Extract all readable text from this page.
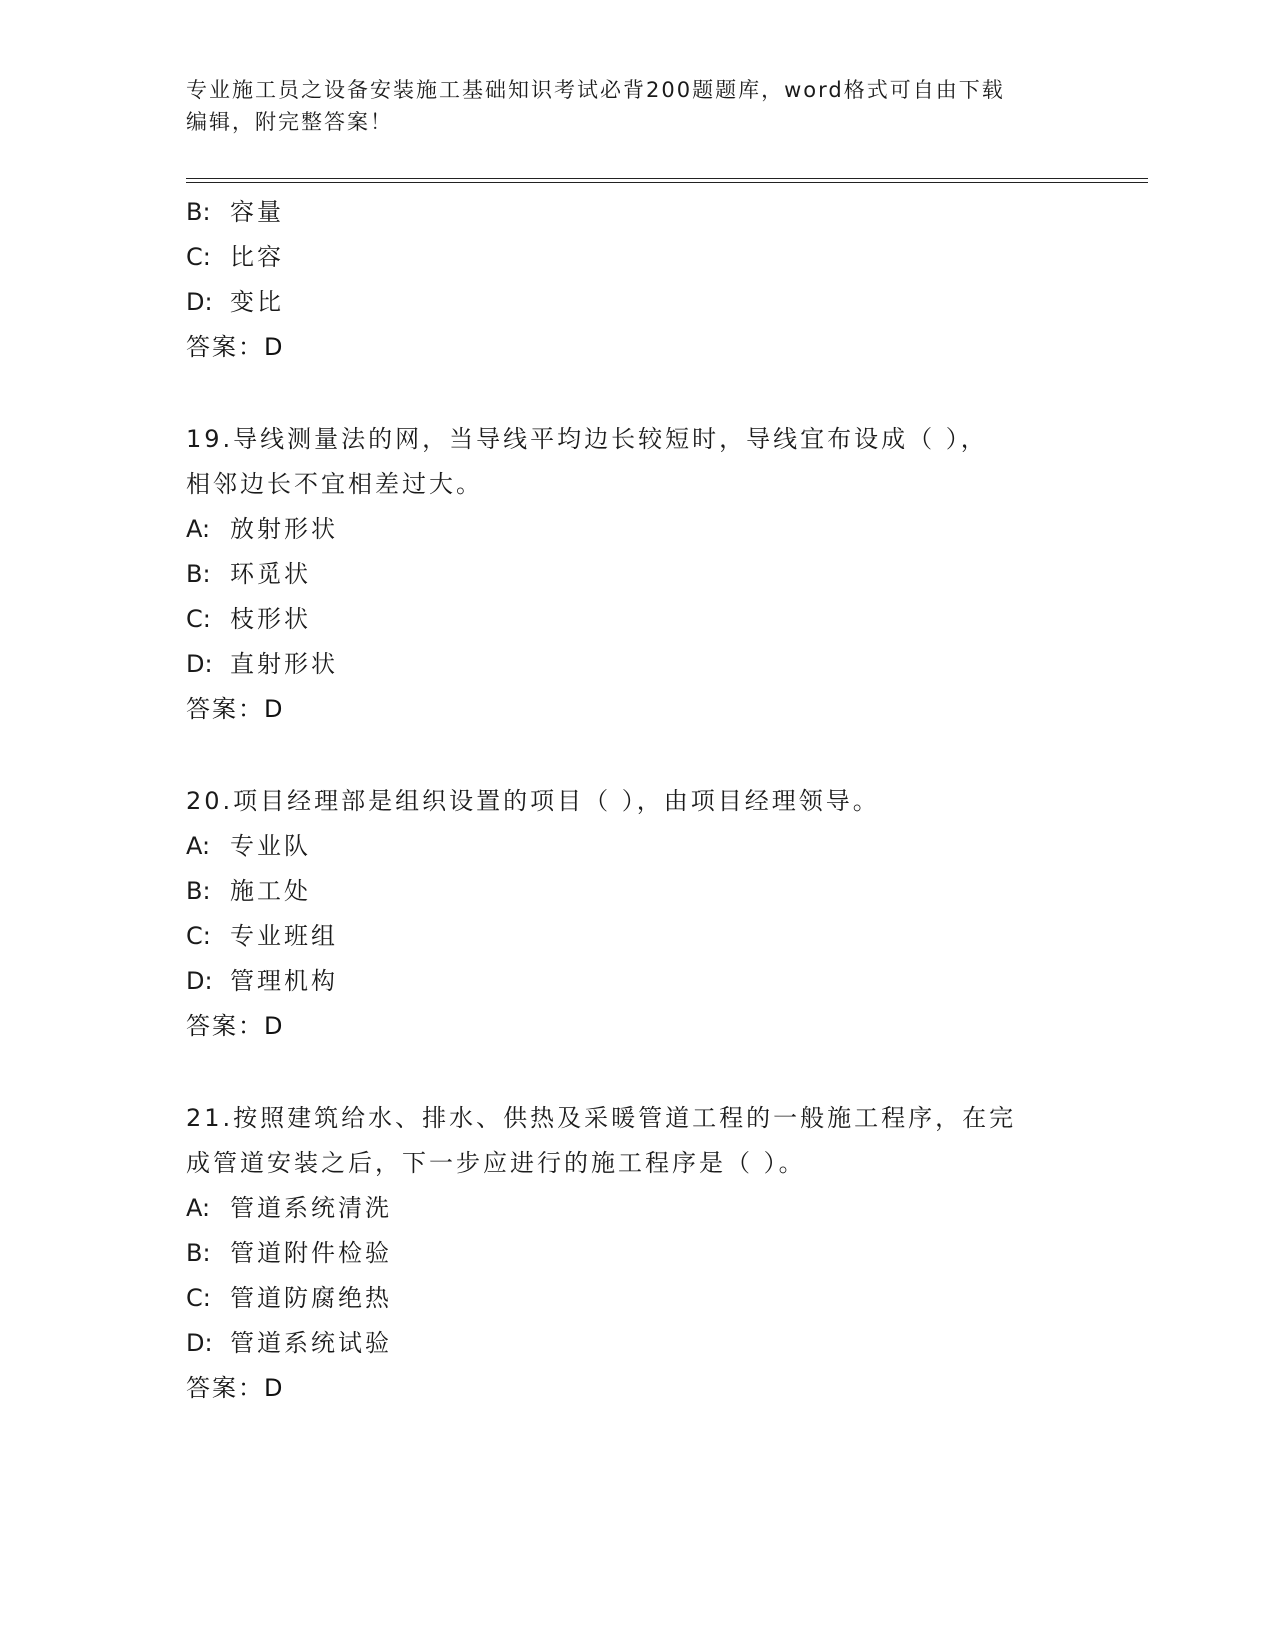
专业施工员之设备安装施工基础知识考试必背200题题库，word格式可自由下载
编辑，附完整答案！
B: 容量
C: 比容
D: 变比
答案：D
19.导线测量法的网，当导线平均边长较短时，导线宜布设成（ ），
相邻边长不宜相差过大。
A: 放射形状
B: 环觅状
C: 枝形状
D: 直射形状
答案：D
20.项目经理部是组织设置的项目（ ），由项目经理领导。
A: 专业队
B: 施工处
C: 专业班组
D: 管理机构
答案：D
21.按照建筑给水、排水、供热及采暖管道工程的一般施工程序，在完
成管道安装之后，下一步应进行的施工程序是（ ）。
A: 管道系统清洗
B: 管道附件检验
C: 管道防腐绝热
D: 管道系统试验
答案：D
